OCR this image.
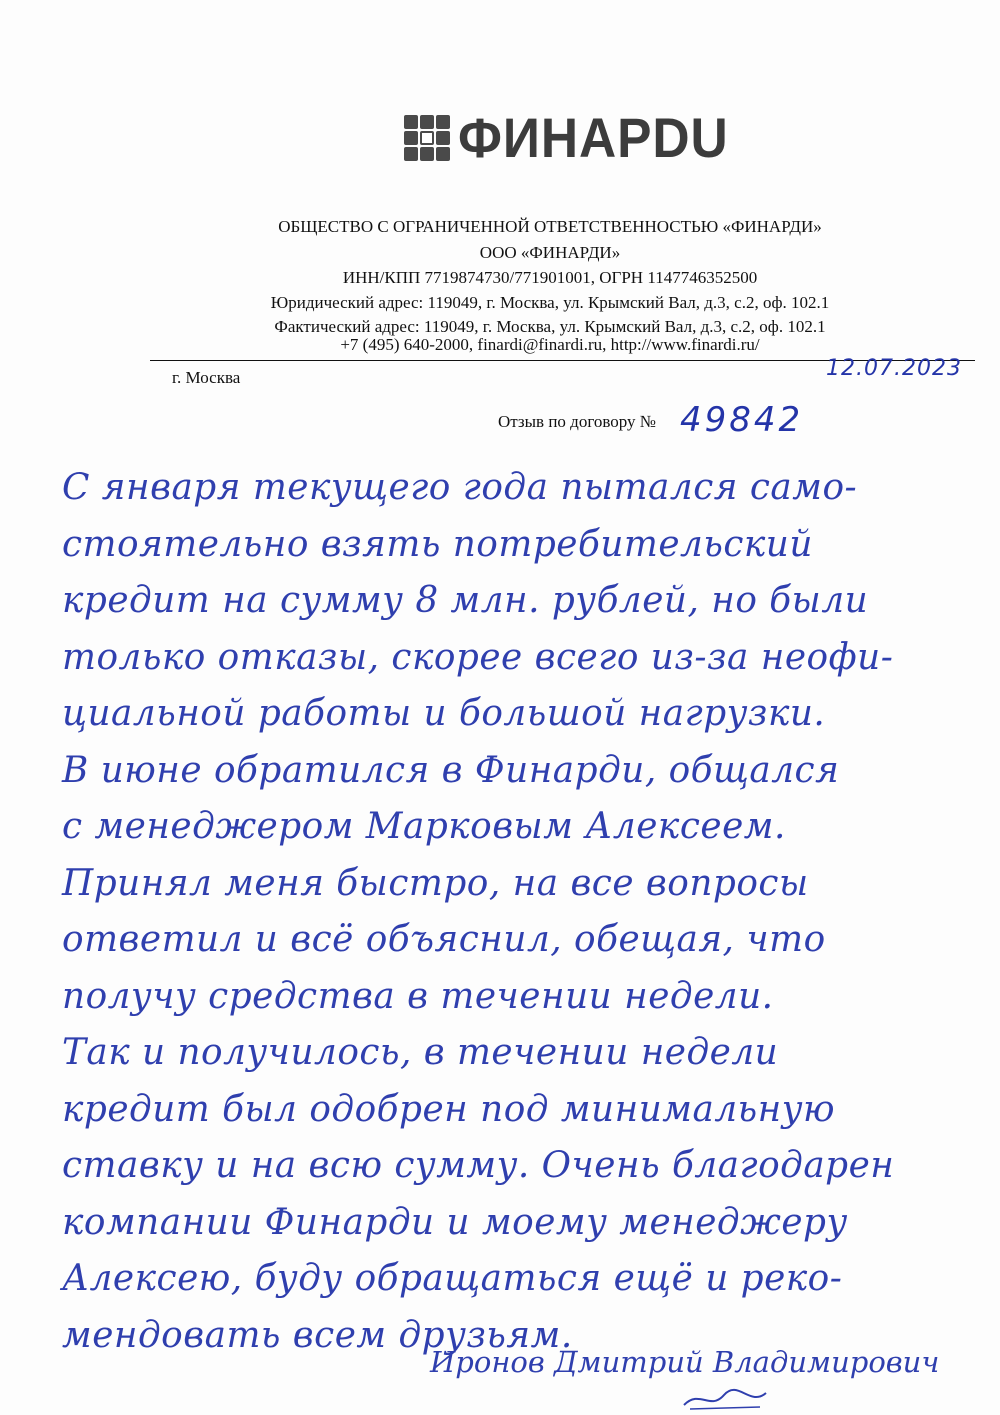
ФИНАРDU
ОБЩЕСТВО С ОГРАНИЧЕННОЙ ОТВЕТСТВЕННОСТЬЮ «ФИНАРДИ»
ООО «ФИНАРДИ»
ИНН/КПП 7719874730/771901001, ОГРН 1147746352500
Юридический адрес: 119049, г. Москва, ул. Крымский Вал, д.3, с.2, оф. 102.1
Фактический адрес: 119049, г. Москва, ул. Крымский Вал, д.3, с.2, оф. 102.1
+7 (495) 640-2000, finardi@finardi.ru, http://www.finardi.ru/
г. Москва	12.07.2023
Отзыв по договору № 49842
С января текущего года пытался само-
стоятельно взять потребительский
кредит на сумму 8 млн. рублей, но были
только отказы, скорее всего из-за неофи-
циальной работы и большой нагрузки.
В июне обратился в Финарди, общался
с менеджером Марковым Алексеем.
Принял меня быстро, на все вопросы
ответил и всё объяснил, обещая, что
получу средства в течении недели.
Так и получилось, в течении недели
кредит был одобрен под минимальную
ставку и на всю сумму. Очень благодарен
компании Финарди и моему менеджеру
Алексею, буду обращаться ещё и реко-
мендовать всем друзьям.
Иронов Дмитрий Владимирович
